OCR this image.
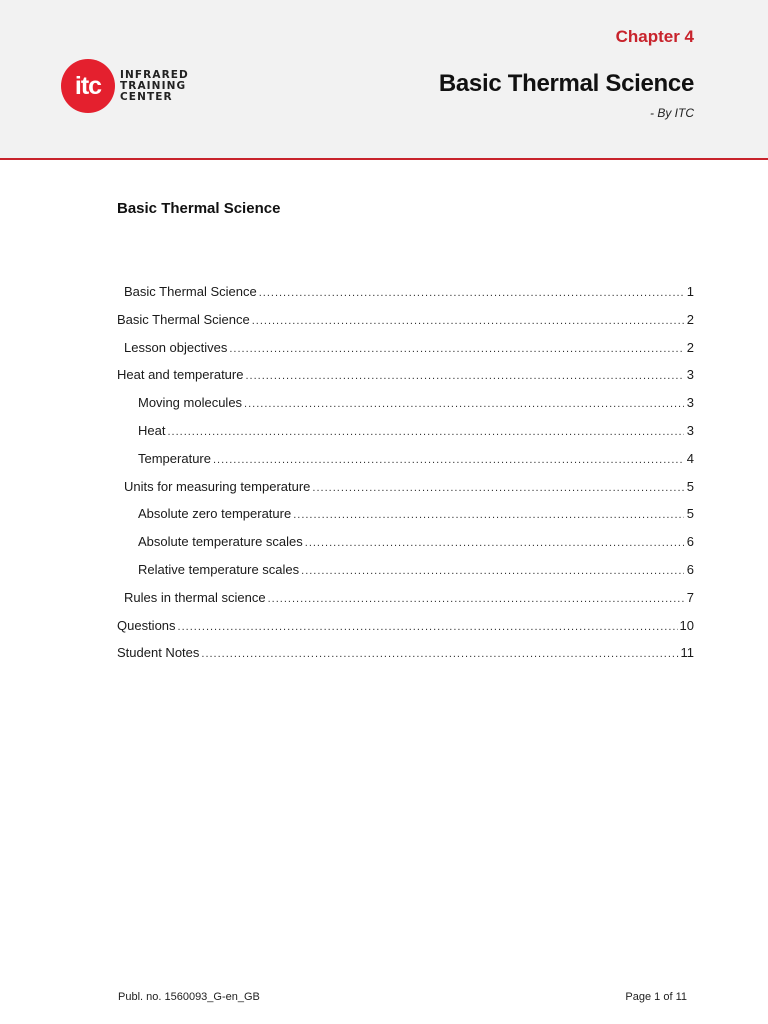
itc	INFRARED
TRAINING
CENTER
Chapter 4
Basic Thermal Science
- By ITC
Basic Thermal Science
Basic Thermal Science .....	1
Basic Thermal Science .....	2
Lesson objectives .....	2
Heat and temperature .....	3
Moving molecules .....	3
Heat .....	3
Temperature .....	4
Units for measuring temperature .....	5
Absolute zero temperature .....	5
Absolute temperature scales .....	6
Relative temperature scales .....	6
Rules in thermal science .....	7
Questions .....	10
Student Notes .....	11
Publ. no. 1560093_G-en_GB	Page 1 of 11
